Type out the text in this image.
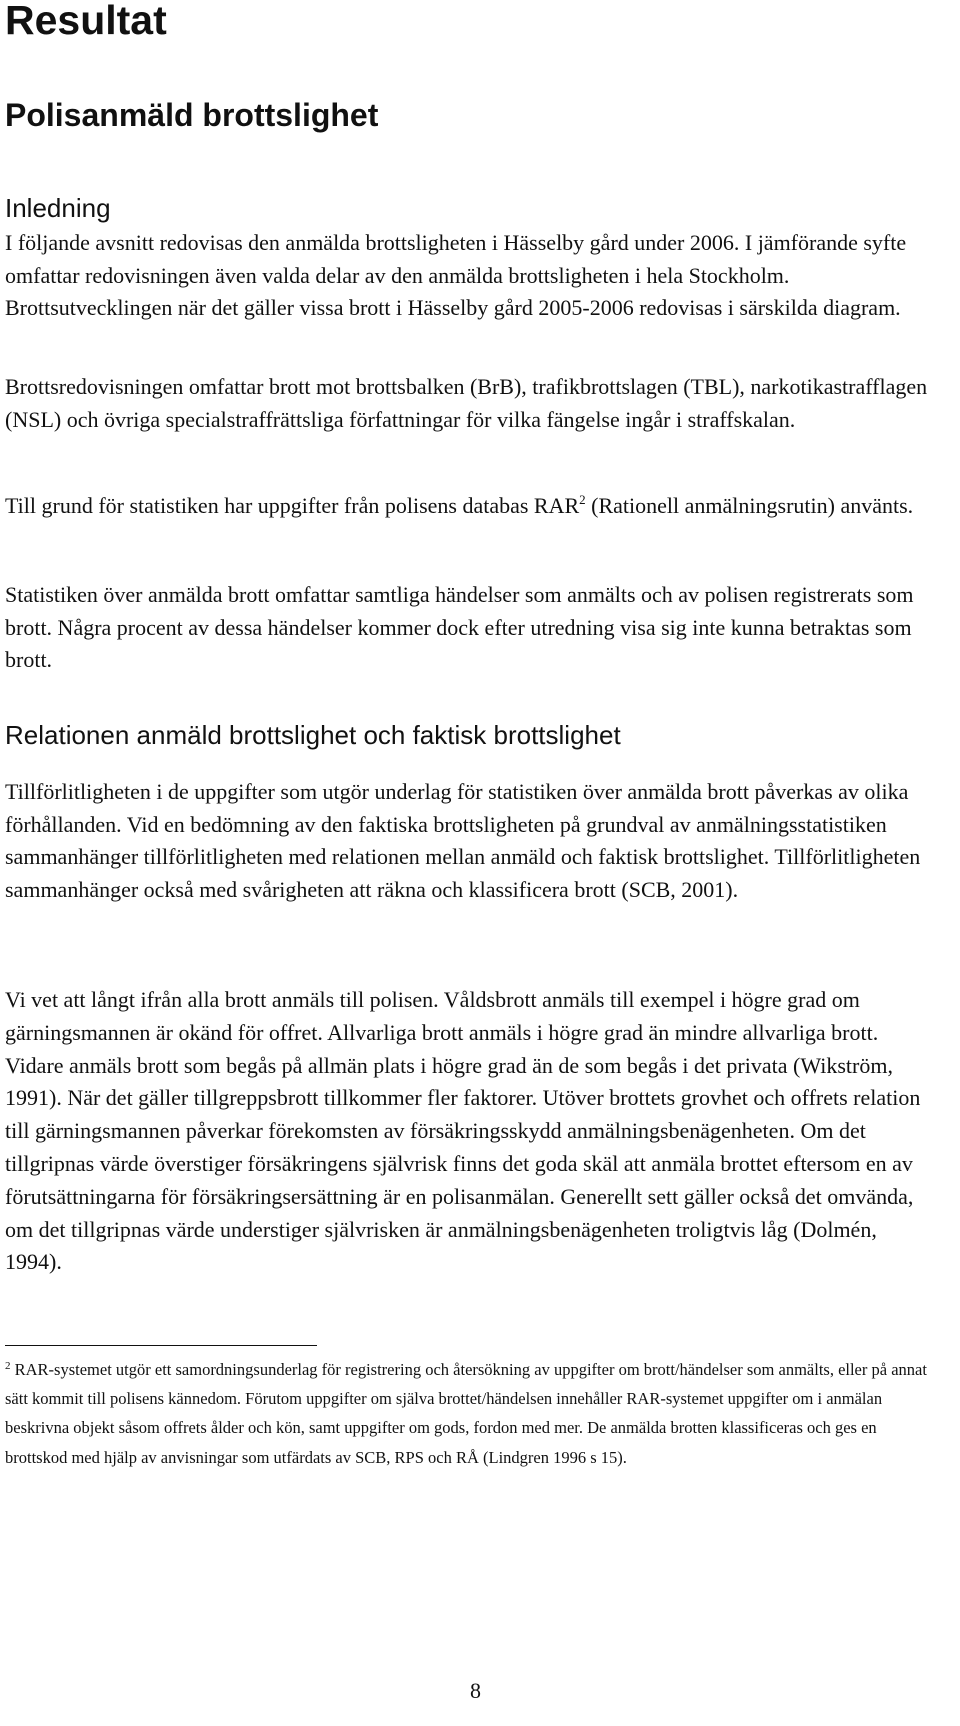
Resultat
Polisanmäld brottslighet
Inledning

I följande avsnitt redovisas den anmälda brottsligheten i Hässelby gård under 2006. I jämförande syfte omfattar redovisningen även valda delar av den anmälda brottsligheten i hela Stockholm. Brottsutvecklingen när det gäller vissa brott i Hässelby gård 2005-2006 redovisas i särskilda diagram.

Brottsredovisningen omfattar brott mot brottsbalken (BrB), trafikbrottslagen (TBL), narkotikastrafflagen (NSL) och övriga specialstraffrättsliga författningar för vilka fängelse ingår i straffskalan.

Till grund för statistiken har uppgifter från polisens databas RAR$^2$ (Rationell anmälningsrutin) använts.

Statistiken över anmälda brott omfattar samtliga händelser som anmälts och av polisen registrerats som brott. Några procent av dessa händelser kommer dock efter utredning visa sig inte kunna betraktas som brott.

Relationen anmäld brottslighet och faktisk brottslighet

Tillförlitligheten i de uppgifter som utgör underlag för statistiken över anmälda brott påverkas av olika förhållanden. Vid en bedömning av den faktiska brottsligheten på grundval av anmälningsstatistiken sammanhänger tillförlitligheten med relationen mellan anmäld och faktisk brottslighet. Tillförlitligheten sammanhänger också med svårigheten att räkna och klassificera brott (SCB, 2001).

Vi vet att långt ifrån alla brott anmäls till polisen. Våldsbrott anmäls till exempel i högre grad om gärningsmannen är okänd för offret. Allvarliga brott anmäls i högre grad än mindre allvarliga brott. Vidare anmäls brott som begås på allmän plats i högre grad än de som begås i det privata (Wikström, 1991). När det gäller tillgreppsbrott tillkommer fler faktorer. Utöver brottets grovhet och offrets relation till gärningsmannen påverkar förekomsten av försäkringsskydd anmälningsbenägenheten. Om det tillgripnas värde överstiger försäkringens självrisk finns det goda skäl att anmäla brottet eftersom en av förutsättningarna för försäkringsersättning är en polisanmälan. Generellt sett gäller också det omvända, om det tillgripnas värde understiger självrisken är anmälningsbenägenheten troligtvis låg (Dolmén, 1994).

$^2$ RAR-systemet utgör ett samordningsunderlag för registrering och återsökning av uppgifter om brott/händelser som anmälts, eller på annat sätt kommit till polisens kännedom. Förutom uppgifter om själva brottet/händelsen innehåller RAR-systemet uppgifter om i anmälan beskrivna objekt såsom offrets ålder och kön, samt uppgifter om gods, fordon med mer. De anmälda brotten klassificeras och ges en brottskod med hjälp av anvisningar som utfärdats av SCB, RPS och RÅ (Lindgren 1996 s 15).

8
